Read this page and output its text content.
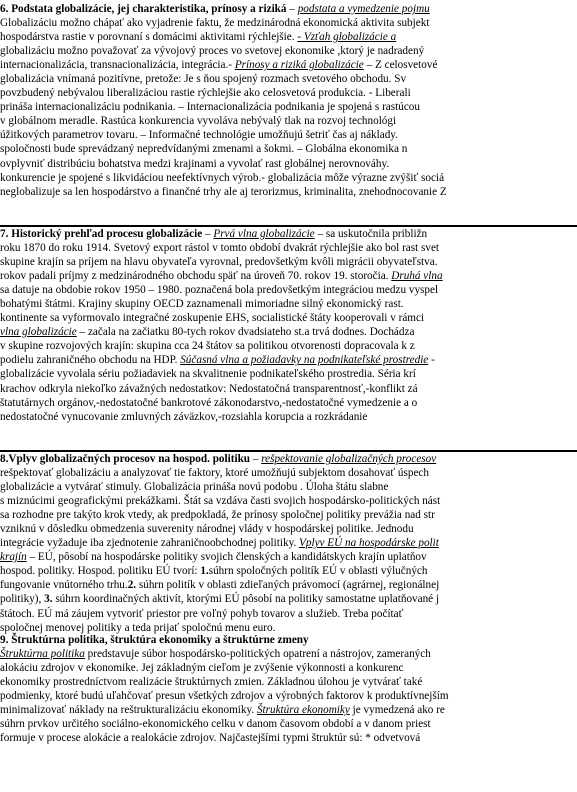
6. Podstata globalizácie, jej charakteristika, prínosy a riziká – podstata a vymedzenie pojmu
Globalizáciu možno chápať ako vyjadrenie faktu, že medzinárodná ekonomická aktivita subjekt
hospodárstva rastie v porovnaní s domácimi aktivitami rýchlejšie. - Vzťah globalizácie a
globalizáciu možno považovať za vývojový proces vo svetovej ekonomike ,ktorý je nadradený
internacionalizácia, transnacionalizácia, integrácia.- Prínosy a riziká globalizácie – Z celosvetové
globalizácia vnímaná pozitívne, pretože: Je s ňou spojený rozmach svetového obchodu. Sv
povzbudený nebývalou liberalizáciou rastie rýchlejšie ako celosvetová produkcia. - Liberali
prináša internacionalizáciu podnikania. – Internacionalizácia podnikania je spojená s rastúcou
v globálnom meradle. Rastúca konkurencia vyvoláva nebývalý tlak na rozvoj technológi
úžitkových parametrov tovaru. – Informačné technológie umožňujú šetriť čas aj náklady.
spoločnosti bude sprevádzaný nepredvídanými zmenami a šokmi. – Globálna ekonomika n
ovplyvniť distribúciu bohatstva medzi krajinami a vyvolať rast globálnej nerovnováhy.
konkurencie je spojené s likvidáciou neefektívnych výrob.- globalizácia môže výrazne zvýšiť sociá
neglobalizuje sa len hospodárstvo a finančné trhy ale aj terorizmus, kriminalita, znehodnocovanie Z
7. Historický prehľad procesu globalizácie – Prvá vlna globalizácie – sa uskutočnila približn
roku 1870 do roku 1914. Svetový export rástol v tomto období dvakrát rýchlejšie ako bol rast svet
skupine krajín sa príjem na hlavu obyvateľa vyrovnal, predovšetkým kvôli migrácii obyvateľstva.
rokov padali príjmy z medzinárodného obchodu späť na úroveň 70. rokov 19. storočia. Druhá vlna
sa datuje na obdobie rokov 1950 – 1980. poznačená bola predovšetkým integráciou medzu vyspel
bohatými štátmi. Krajiny skupiny OECD zaznamenali mimoriadne silný ekonomický rast.
kontinente sa vyformovalo integračné zoskupenie EHS, socialistické štáty kooperovali v rámci
vlna globalizácie – začala na začiatku 80-tych rokov dvadsiateho st.a trvá dodnes. Dochádza
v skupine rozvojových krajín: skupina cca 24 štátov sa politikou otvorenosti dopracovala k z
podielu zahraničného obchodu na HDP. Súčasná vlna a požiadavky na podnikateľské prostredie -
globalizácie vyvolala sériu požiadaviek na skvalitnenie podnikateľského prostredia. Séria krí
krachov odkryla niekoľko závažných nedostatkov: Nedostatočná transparentnosť,-konflikt zá
štatutárnych orgánov,-nedostatočné bankrotové zákonodarstvo,-nedostatočné vymedzenie a o
nedostatočné vynucovanie zmluvných záväzkov,-rozsiahla korupcia a rozkrádanie
8.Vplyv globalizačných procesov na hospod. politiku – rešpektovanie globalizačných procesov
rešpektovať globalizáciu a analyzovať tie faktory, ktoré umožňujú subjektom dosahovať úspech
globalizácie a vytvárať stimuly. Globalizácia prináša novú podobu . Úloha štátu slabne
s miznúcimi geografickými prekážkami. Štát sa vzdáva časti svojich hospodársko-politických nást
sa rozhodne pre takýto krok vtedy, ak predpokladá, že prínosy spoločnej politiky prevážia nad str
vzniknú v dôsledku obmedzenia suverenity národnej vlády v hospodárskej politike. Jednodu
integrácie vyžaduje iba zjednotenie zahraničnoobchodnej politiky. Vplyv EÚ na hospodárske polit
krajín – EÚ, pôsobí na hospodárske politiky svojich členských a kandidátskych krajín uplatňov
hospod. politiky. Hospod. politiku EÚ tvorí: 1.súhrn spoločných politík EÚ v oblasti výlučných
fungovanie vnútorného trhu.2. súhrn politík v oblasti zdieľaných právomocí (agrárnej, regionálnej
politiky), 3. súhrn koordinačných aktivít, ktorými EÚ pôsobí na politiky samostatne uplatňované j
štátoch. EÚ má záujem vytvoriť priestor pre voľný pohyb tovarov a služieb. Treba počítať
spoločnej menovej politiky a teda prijať spoločnú menu euro.
9. Štruktúrna politika, štruktúra ekonomiky a štruktúrne zmeny
Štruktúrna politika predstavuje súbor hospodársko-politických opatrení a nástrojov, zameraných
alokáciu zdrojov v ekonomike. Jej základným cieľom je zvýšenie výkonnosti a konkurenc
ekonomiky prostredníctvom realizácie štruktúrnych zmien. Základnou úlohou je vytvárať také
podmienky, ktoré budú uľahčovať presun všetkých zdrojov a výrobných faktorov k produktívnejším
minimalizovať náklady na reštrukturalizáciu ekonomiky. Štruktúra ekonomiky je vymedzená ako re
súhrn prvkov určitého sociálno-ekonomického celku v danom časovom období a v danom priest
formuje v procese alokácie a realokácie zdrojov. Najčastejšími typmi štruktúr sú: * odvetvová
